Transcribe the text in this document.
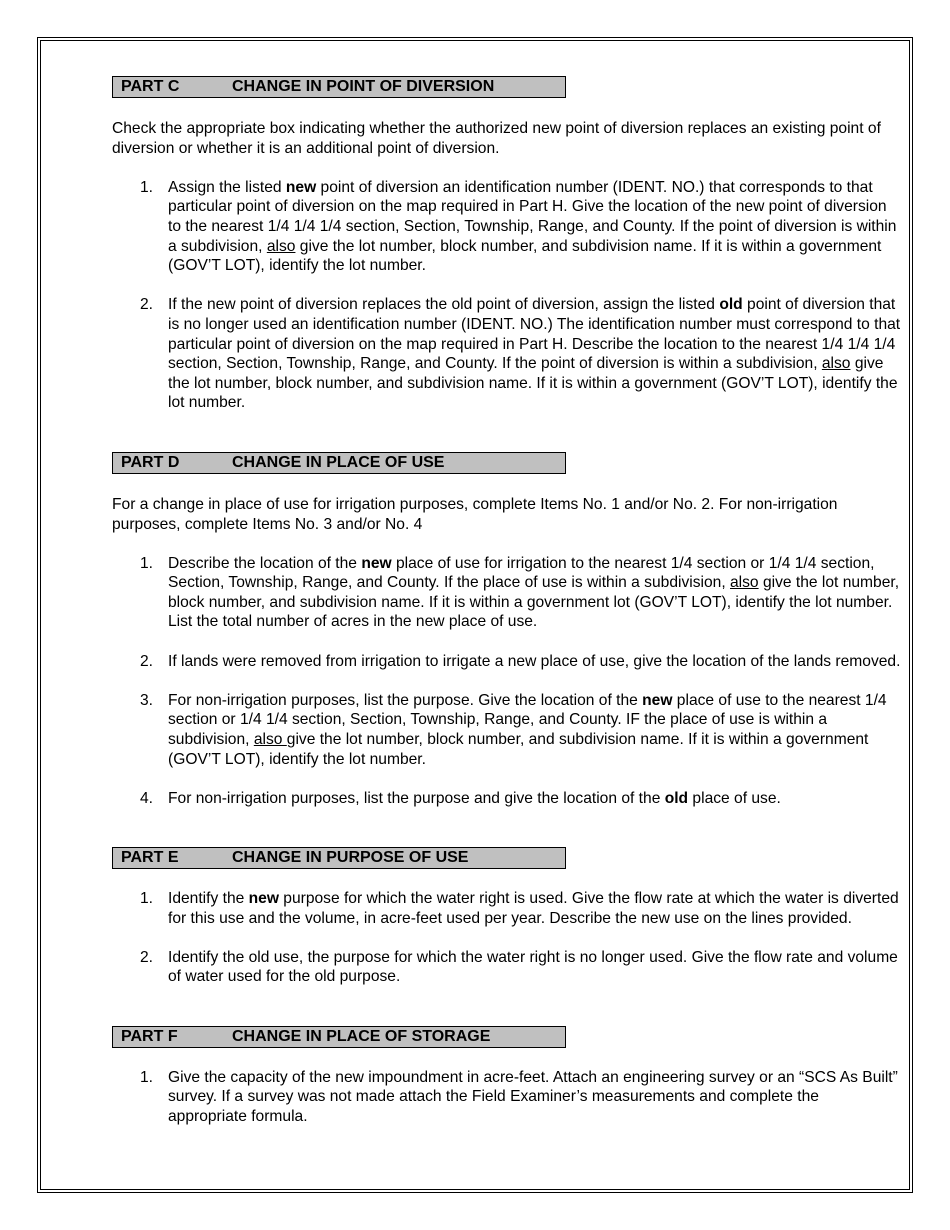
PART C	CHANGE IN POINT OF DIVERSION

Check the appropriate box indicating whether the authorized new point of diversion replaces an existing point of diversion or whether it is an additional point of diversion.

1. Assign the listed new point of diversion an identification number (IDENT. NO.) that corresponds to that particular point of diversion on the map required in Part H. Give the location of the new point of diversion to the nearest 1/4 1/4 1/4 section, Section, Township, Range, and County. If the point of diversion is within a subdivision, also give the lot number, block number, and subdivision name. If it is within a government (GOV’T LOT), identify the lot number.
2. If the new point of diversion replaces the old point of diversion, assign the listed old point of diversion that is no longer used an identification number (IDENT. NO.) The identification number must correspond to that particular point of diversion on the map required in Part H. Describe the location to the nearest 1/4 1/4 1/4 section, Section, Township, Range, and County. If the point of diversion is within a subdivision, also give the lot number, block number, and subdivision name. If it is within a government (GOV’T LOT), identify the lot number.
PART D	CHANGE IN PLACE OF USE

For a change in place of use for irrigation purposes, complete Items No. 1 and/or No. 2. For non-irrigation purposes, complete Items No. 3 and/or No. 4

1. Describe the location of the new place of use for irrigation to the nearest 1/4 section or 1/4 1/4 section, Section, Township, Range, and County. If the place of use is within a subdivision, also give the lot number, block number, and subdivision name. If it is within a government lot (GOV’T LOT), identify the lot number. List the total number of acres in the new place of use.
2. If lands were removed from irrigation to irrigate a new place of use, give the location of the lands removed.
3. For non-irrigation purposes, list the purpose. Give the location of the new place of use to the nearest 1/4 section or 1/4 1/4 section, Section, Township, Range, and County. IF the place of use is within a subdivision, also give the lot number, block number, and subdivision name. If it is within a government (GOV’T LOT), identify the lot number.
4. For non-irrigation purposes, list the purpose and give the location of the old place of use.
PART E	CHANGE IN PURPOSE OF USE
1. Identify the new purpose for which the water right is used. Give the flow rate at which the water is diverted for this use and the volume, in acre-feet used per year. Describe the new use on the lines provided.
2. Identify the old use, the purpose for which the water right is no longer used. Give the flow rate and volume of water used for the old purpose.
PART F	CHANGE IN PLACE OF STORAGE
1. Give the capacity of the new impoundment in acre-feet. Attach an engineering survey or an “SCS As Built” survey. If a survey was not made attach the Field Examiner’s measurements and complete the appropriate formula.
